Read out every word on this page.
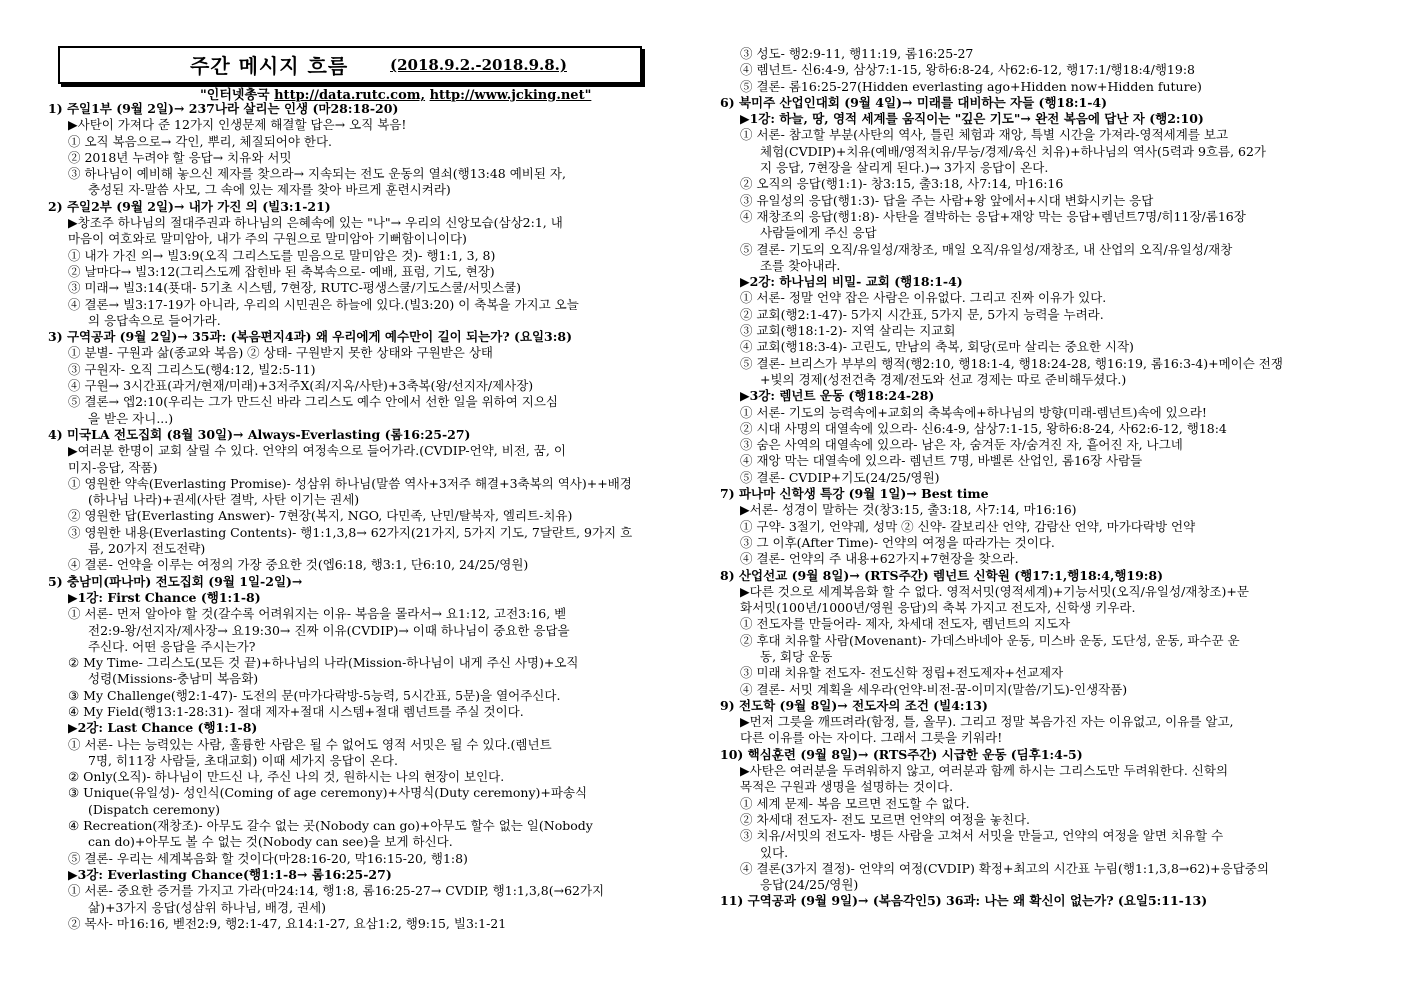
주간 메시지 흐름	(2018.9.2.-2018.9.8.)
"인터넷총국 http://data.rutc.com, http://www.jcking.net"
1) 주일1부 (9월 2일)→ 237나라 살리는 인생 (마28:18-20)
▶사탄이 가져다 준 12가지 인생문제 해결할 답은→ 오직 복음!
① 오직 복음으로→ 각인, 뿌리, 체질되어야 한다.
② 2018년 누려야 할 응답→ 치유와 서밋
③ 하나님이 예비해 놓으신 제자를 찾으라→ 지속되는 전도 운동의 열쇠(행13:48 예비된 자,
충성된 자-말씀 사모, 그 속에 있는 제자를 찾아 바르게 훈련시켜라)
2) 주일2부 (9월 2일)→ 내가 가진 의 (빌3:1-21)
▶창조주 하나님의 절대주권과 하나님의 은혜속에 있는 "나"→ 우리의 신앙모습(삼상2:1, 내
마음이 여호와로 말미암아, 내가 주의 구원으로 말미암아 기뻐함이니이다)
① 내가 가진 의→ 빌3:9(오직 그리스도를 믿음으로 말미암은 것)- 행1:1, 3, 8)
② 날마다→ 빌3:12(그리스도께 잡힌바 된 축복속으로- 예배, 표럼, 기도, 현장)
③ 미래→ 빌3:14(푯대- 5기초 시스템, 7현장, RUTC-평생스쿨/기도스쿨/서밋스쿨)
④ 결론→ 빌3:17-19가 아니라, 우리의 시민권은 하늘에 있다.(빌3:20) 이 축복을 가지고 오늘
의 응답속으로 들어가라.
3) 구역공과 (9월 2일)→ 35과: (복음편지4과) 왜 우리에게 예수만이 길이 되는가? (요일3:8)
① 분별- 구원과 삶(종교와 복음) ② 상태- 구원받지 못한 상태와 구원받은 상태
③ 구원자- 오직 그리스도(행4:12, 빌2:5-11)
④ 구원→ 3시간표(과거/현재/미래)+3저주X(죄/지옥/사탄)+3축복(왕/선지자/제사장)
⑤ 결론→ 엡2:10(우리는 그가 만드신 바라 그리스도 예수 안에서 선한 일을 위하여 지으심
을 받은 자니...)
4) 미국LA 전도집회 (8월 30일)→ Always-Everlasting (롬16:25-27)
▶여러분 한명이 교회 살릴 수 있다. 언약의 여정속으로 들어가라.(CVDIP-언약, 비전, 꿈, 이
미지-응답, 작품)
① 영원한 약속(Everlasting Promise)- 성삼위 하나님(말씀 역사+3저주 해결+3축복의 역사)++배경
(하나님 나라)+권세(사탄 결박, 사탄 이기는 권세)
② 영원한 답(Everlasting Answer)- 7현장(복지, NGO, 다민족, 난민/탈북자, 엘리트-치유)
③ 영원한 내용(Everlasting Contents)- 행1:1,3,8→ 62가지(21가지, 5가지 기도, 7달란트, 9가지 흐
름, 20가지 전도전략)
④ 결론- 언약을 이루는 여정의 가장 중요한 것(엡6:18, 행3:1, 단6:10, 24/25/영원)
5) 충남미(파나마) 전도집회 (9월 1일-2일)→
▶1강: First Chance (행1:1-8)
① 서론- 먼저 알아야 할 것(갈수록 어려워지는 이유- 복음을 몰라서→ 요1:12, 고전3:16, 벧
전2:9-왕/선지자/제사장→ 요19:30→ 진짜 이유(CVDIP)→ 이때 하나님이 중요한 응답을
주신다. 어떤 응답을 주시는가?
② My Time- 그리스도(모든 것 끝)+하나님의 나라(Mission-하나님이 내게 주신 사명)+오직
성령(Missions-충남미 복음화)
③ My Challenge(행2:1-47)- 도전의 문(마가다락방-5능력, 5시간표, 5문)을 열어주신다.
④ My Field(행13:1-28:31)- 절대 제자+절대 시스템+절대 렘넌트를 주실 것이다.
▶2강: Last Chance (행1:1-8)
① 서론- 나는 능력있는 사람, 훌륭한 사람은 될 수 없어도 영적 서밋은 될 수 있다.(렘넌트
7명, 히11장 사람들, 초대교회) 이때 세가지 응답이 온다.
② Only(오직)- 하나님이 만드신 나, 주신 나의 것, 원하시는 나의 현장이 보인다.
③ Unique(유일성)- 성인식(Coming of age ceremony)+사명식(Duty ceremony)+파송식
(Dispatch ceremony)
④ Recreation(재창조)- 아무도 갈수 없는 곳(Nobody can go)+아무도 할수 없는 일(Nobody
can do)+아무도 볼 수 없는 것(Nobody can see)을 보게 하신다.
⑤ 결론- 우리는 세계복음화 할 것이다(마28:16-20, 막16:15-20, 행1:8)
▶3강: Everlasting Chance(행1:1-8→ 롬16:25-27)
① 서론- 중요한 증거를 가지고 가라(마24:14, 행1:8, 롬16:25-27→ CVDIP, 행1:1,3,8(→62가지
삶)+3가지 응답(성삼위 하나님, 배경, 권세)
② 목사- 마16:16, 벧전2:9, 행2:1-47, 요14:1-27, 요삼1:2, 행9:15, 빌3:1-21
③ 성도- 행2:9-11, 행11:19, 롬16:25-27
④ 렘넌트- 신6:4-9, 삼상7:1-15, 왕하6:8-24, 사62:6-12, 행17:1/행18:4/행19:8
⑤ 결론- 롬16:25-27(Hidden everlasting ago+Hidden now+Hidden future)
6) 북미주 산업인대회 (9월 4일)→ 미래를 대비하는 자들 (행18:1-4)
▶1강: 하늘, 땅, 영적 세계를 움직이는 "깊은 기도"→ 완전 복음에 답난 자 (행2:10)
① 서론- 참고할 부분(사탄의 역사, 틀린 체험과 재앙, 특별 시간을 가져라-영적세계를 보고
체험(CVDIP)+치유(예배/영적치유/무능/경제/육신 치유)+하나님의 역사(5력과 9흐름, 62가
지 응답, 7현장을 살리게 된다.)→ 3가지 응답이 온다.
② 오직의 응답(행1:1)- 창3:15, 출3:18, 사7:14, 마16:16
③ 유일성의 응답(행1:3)- 답을 주는 사람+왕 앞에서+시대 변화시키는 응답
④ 재창조의 응답(행1:8)- 사탄을 결박하는 응답+재앙 막는 응답+렘넌트7명/히11장/롬16장
사람들에게 주신 응답
⑤ 결론- 기도의 오직/유일성/재창조, 매일 오직/유일성/재창조, 내 산업의 오직/유일성/재창
조를 찾아내라.
▶2강: 하나님의 비밀- 교회 (행18:1-4)
① 서론- 정말 언약 잡은 사람은 이유없다. 그리고 진짜 이유가 있다.
② 교회(행2:1-47)- 5가지 시간표, 5가지 문, 5가지 능력을 누려라.
③ 교회(행18:1-2)- 지역 살리는 지교회
④ 교회(행18:3-4)- 고린도, 만남의 축복, 회당(로마 살리는 중요한 시작)
⑤ 결론- 브리스가 부부의 행적(행2:10, 행18:1-4, 행18:24-28, 행16:19, 롬16:3-4)+메이슨 전쟁
+빛의 경제(성전건축 경제/전도와 선교 경제는 따로 준비해두셨다.)
▶3강: 렘넌트 운동 (행18:24-28)
① 서론- 기도의 능력속에+교회의 축복속에+하나님의 방향(미래-렘넌트)속에 있으라!
② 시대 사명의 대열속에 있으라- 신6:4-9, 삼상7:1-15, 왕하6:8-24, 사62:6-12, 행18:4
③ 숨은 사역의 대열속에 있으라- 남은 자, 숨겨둔 자/숨겨진 자, 흩어진 자, 나그네
④ 재앙 막는 대열속에 있으라- 렘넌트 7명, 바벨론 산업인, 롬16장 사람들
⑤ 결론- CVDIP+기도(24/25/영원)
7) 파나마 신학생 특강 (9월 1일)→ Best time
▶서론- 성경이 말하는 것(창3:15, 출3:18, 사7:14, 마16:16)
① 구약- 3절기, 언약궤, 성막 ② 신약- 갈보리산 언약, 감람산 언약, 마가다락방 언약
③ 그 이후(After Time)- 언약의 여정을 따라가는 것이다.
④ 결론- 언약의 주 내용+62가지+7현장을 찾으라.
8) 산업선교 (9월 8일)→ (RTS주간) 렘넌트 신학원 (행17:1,행18:4,행19:8)
▶다른 것으로 세계복음화 할 수 없다. 영적서밋(영적세계)+기능서밋(오직/유일성/재창조)+문
화서밋(100년/1000년/영원 응답)의 축복 가지고 전도자, 신학생 키우라.
① 전도자를 만들어라- 제자, 차세대 전도자, 렘넌트의 지도자
② 후대 치유할 사람(Movenant)- 가데스바네아 운동, 미스바 운동, 도단성, 운동, 파수꾼 운
동, 회당 운동
③ 미래 치유할 전도자- 전도신학 정립+전도제자+선교제자
④ 결론- 서밋 계획을 세우라(언약-비전-꿈-이미지(말씀/기도)-인생작품)
9) 전도학 (9월 8일)→ 전도자의 조건 (빌4:13)
▶먼저 그릇을 깨뜨려라(함정, 틀, 올무). 그리고 정말 복음가진 자는 이유없고, 이유를 알고,
다른 이유를 아는 자이다. 그래서 그릇을 키워라!
10) 핵심훈련 (9월 8일)→ (RTS주간) 시급한 운동 (딤후1:4-5)
▶사탄은 여러분을 두려워하지 않고, 여러분과 함께 하시는 그리스도만 두려워한다. 신학의
목적은 구원과 생명을 설명하는 것이다.
① 세계 문제- 복음 모르면 전도할 수 없다.
② 차세대 전도자- 전도 모르면 언약의 여정을 놓친다.
③ 치유/서밋의 전도자- 병든 사람을 고쳐서 서밋을 만들고, 언약의 여정을 알면 치유할 수
있다.
④ 결론(3가지 결정)- 언약의 여정(CVDIP) 확정+최고의 시간표 누림(행1:1,3,8→62)+응답중의
응답(24/25/영원)
11) 구역공과 (9월 9일)→ (복음각인5) 36과: 나는 왜 확신이 없는가? (요일5:11-13)
